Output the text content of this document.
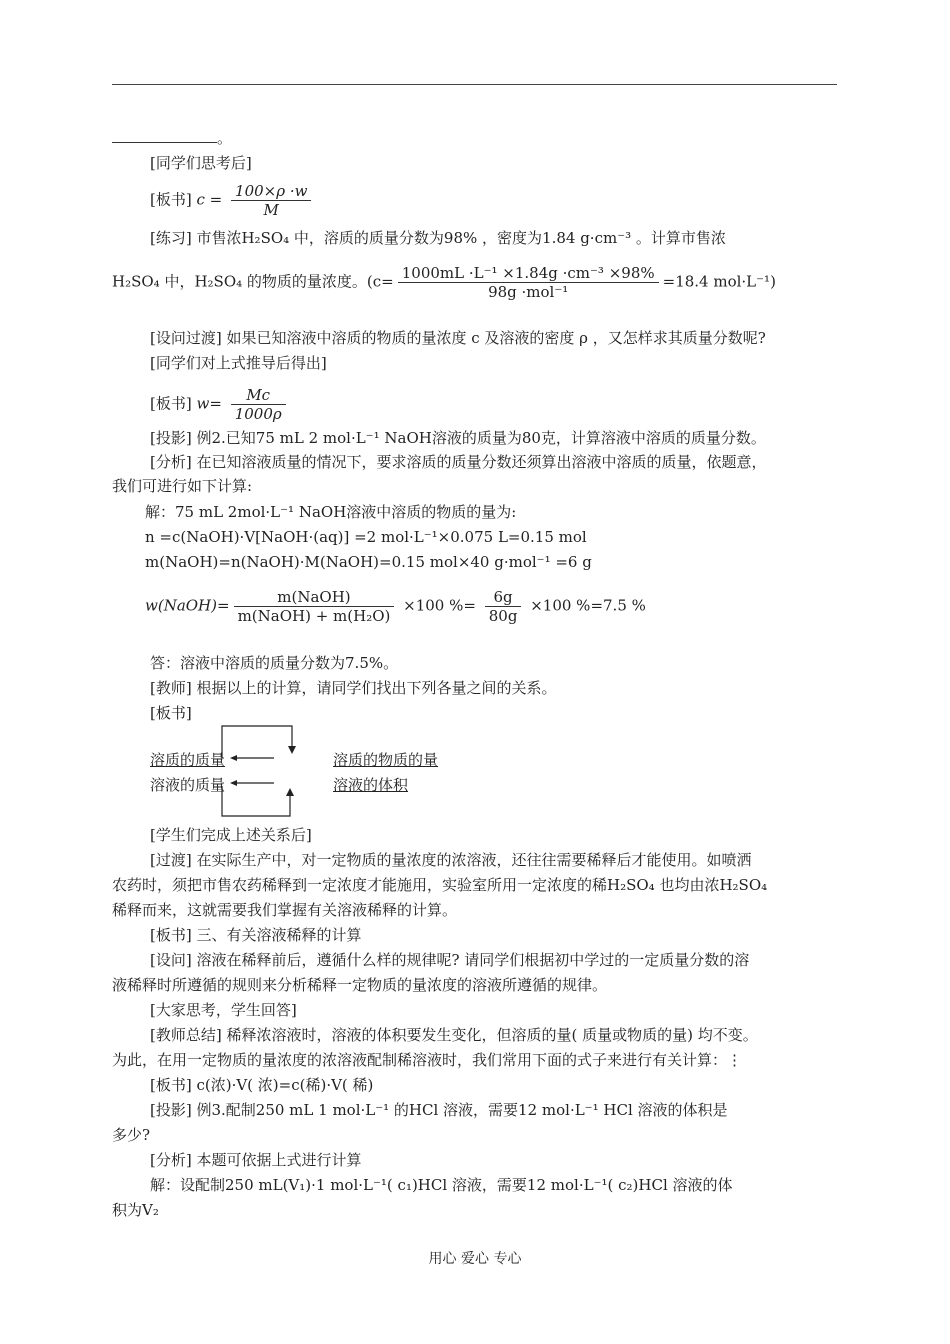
。
[同学们思考后]
[板书] $c = \frac{100\times\rho \cdot w}{M}$
[练习] 市售浓H₂SO₄ 中，溶质的质量分数为98% ，密度为1.84 g·cm⁻³ 。计算市售浓
H₂SO₄ 中，H₂SO₄ 的物质的量浓度。($c= \frac{\text{1000mL ·L⁻¹ ×1.84g ·cm⁻³ ×98\%}}{\text{98g ·mol⁻¹}} =18.4$ mol·L⁻¹)
[设问过渡] 如果已知溶液中溶质的物质的量浓度 c 及溶液的密度 ρ ，又怎样求其质量分数呢?
[同学们对上式推导后得出]
[板书] $w= \frac{Mc}{1000\rho}$
[投影] 例2.已知75 mL 2 mol·L⁻¹ NaOH溶液的质量为80克，计算溶液中溶质的质量分数。
[分析] 在已知溶液质量的情况下，要求溶质的质量分数还须算出溶液中溶质的质量，依题意，
我们可进行如下计算:
解：75 mL 2mol·L⁻¹ NaOH溶液中溶质的物质的量为:
n =c(NaOH)·V[NaOH·(aq)] =2 mol·L⁻¹×0.075 L=0.15 mol
m(NaOH)=n(NaOH)·M(NaOH)=0.15 mol×40 g·mol⁻¹ =6 g
w(NaOH)= $\frac{\text{m(NaOH)}}{\text{m(NaOH) + m(H₂O)}} \times 100$ %= $\frac{6g}{80g} \times 100$ %=7.5 %
答：溶液中溶质的质量分数为7.5%。
[教师] 根据以上的计算，请同学们找出下列各量之间的关系。
[板书]
溶质的质量	溶质的物质的量
溶液的质量	溶液的体积
[学生们完成上述关系后]
[过渡] 在实际生产中，对一定物质的量浓度的浓溶液，还往往需要稀释后才能使用。如喷洒
农药时，须把市售农药稀释到一定浓度才能施用，实验室所用一定浓度的稀H₂SO₄ 也均由浓H₂SO₄
稀释而来，这就需要我们掌握有关溶液稀释的计算。
[板书] 三、有关溶液稀释的计算
[设问] 溶液在稀释前后，遵循什么样的规律呢? 请同学们根据初中学过的一定质量分数的溶
液稀释时所遵循的规则来分析稀释一定物质的量浓度的溶液所遵循的规律。
[大家思考，学生回答]
[教师总结] 稀释浓溶液时，溶液的体积要发生变化，但溶质的量( 质量或物质的量) 均不变。
为此，在用一定物质的量浓度的浓溶液配制稀溶液时，我们常用下面的式子来进行有关计算：⋮
[板书] c(浓)·V( 浓)=c(稀)·V( 稀)
[投影] 例3.配制250 mL 1 mol·L⁻¹ 的HCl 溶液，需要12 mol·L⁻¹ HCl 溶液的体积是
多少?
[分析] 本题可依据上式进行计算
解：设配制250 mL(V₁)·1 mol·L⁻¹( c₁)HCl 溶液，需要12 mol·L⁻¹( c₂)HCl 溶液的体
积为V₂
用心 爱心 专心
